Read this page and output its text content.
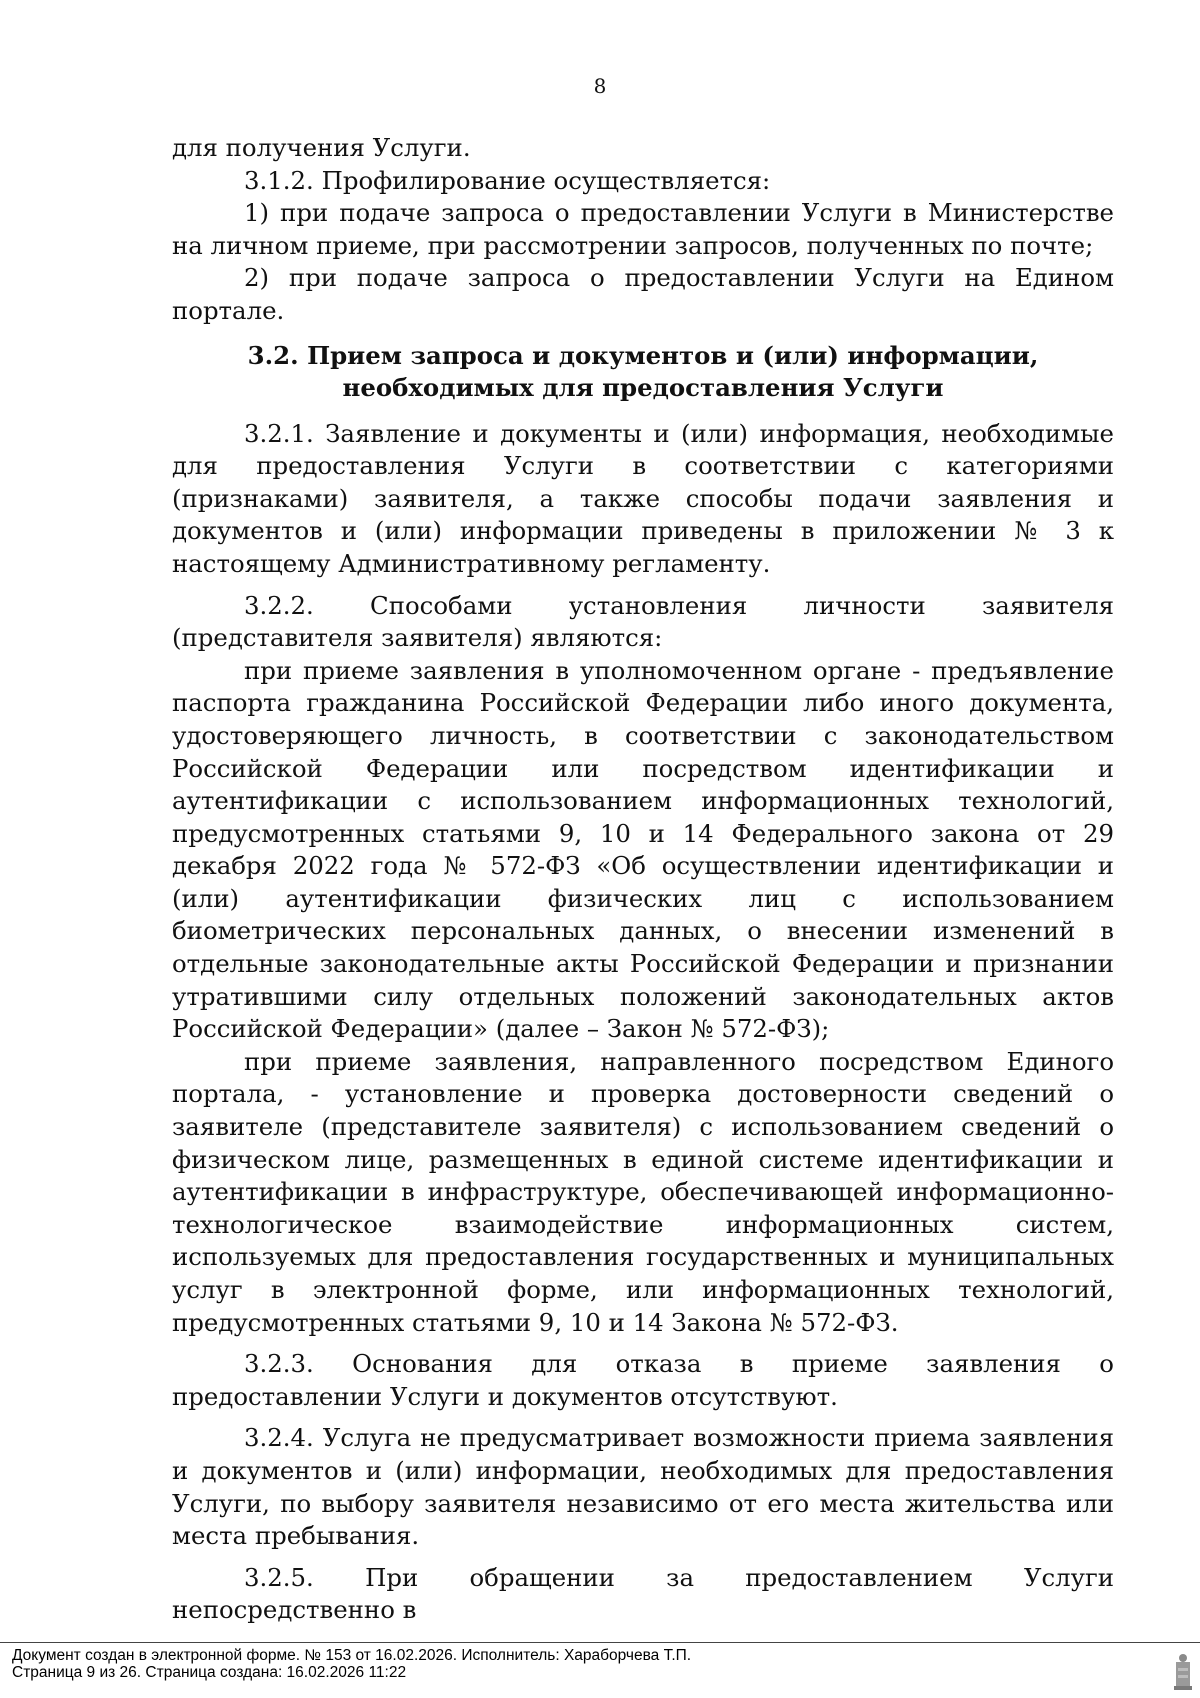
8

для получения Услуги.

3.1.2. Профилирование осуществляется:

1) при подаче запроса о предоставлении Услуги в Министерстве на личном приеме, при рассмотрении запросов, полученных по почте;

2) при подаче запроса о предоставлении Услуги на Едином портале.

3.2. Прием запроса и документов и (или) информации, необходимых для предоставления Услуги

3.2.1. Заявление и документы и (или) информация, необходимые для предоставления Услуги в соответствии с категориями (признаками) заявителя, а также способы подачи заявления и документов и (или) информации приведены в приложении № 3 к настоящему Административному регламенту.

3.2.2. Способами установления личности заявителя (представителя заявителя) являются:

при приеме заявления в уполномоченном органе - предъявление паспорта гражданина Российской Федерации либо иного документа, удостоверяющего личность, в соответствии с законодательством Российской Федерации или посредством идентификации и аутентификации с использованием информационных технологий, предусмотренных статьями 9, 10 и 14 Федерального закона от 29 декабря 2022 года № 572-ФЗ «Об осуществлении идентификации и (или) аутентификации физических лиц с использованием биометрических персональных данных, о внесении изменений в отдельные законодательные акты Российской Федерации и признании утратившими силу отдельных положений законодательных актов Российской Федерации» (далее – Закон № 572-ФЗ);

при приеме заявления, направленного посредством Единого портала, - установление и проверка достоверности сведений о заявителе (представителе заявителя) с использованием сведений о физическом лице, размещенных в единой системе идентификации и аутентификации в инфраструктуре, обеспечивающей информационно-технологическое взаимодействие информационных систем, используемых для предоставления государственных и муниципальных услуг в электронной форме, или информационных технологий, предусмотренных статьями 9, 10 и 14 Закона № 572-ФЗ.

3.2.3. Основания для отказа в приеме заявления о предоставлении Услуги и документов отсутствуют.

3.2.4. Услуга не предусматривает возможности приема заявления и документов и (или) информации, необходимых для предоставления Услуги, по выбору заявителя независимо от его места жительства или места пребывания.

3.2.5. При обращении за предоставлением Услуги непосредственно в

Документ создан в электронной форме. № 153 от 16.02.2026. Исполнитель: Хараборчева Т.П.
Страница 9 из 26. Страница создана: 16.02.2026 11:22
